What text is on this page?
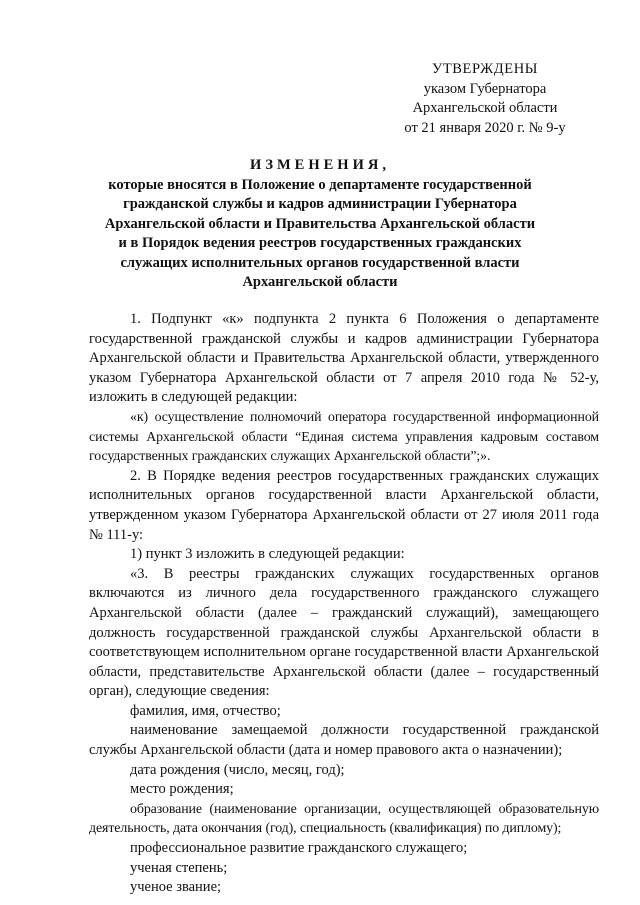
УТВЕРЖДЕНЫ
указом Губернатора
Архангельской области
от 21 января 2020 г. № 9-у
ИЗМЕНЕНИЯ,
которые вносятся в Положение о департаменте государственной
гражданской службы и кадров администрации Губернатора
Архангельской области и Правительства Архангельской области
и в Порядок ведения реестров государственных гражданских
служащих исполнительных органов государственной власти
Архангельской области

1. Подпункт «к» подпункта 2 пункта 6 Положения о департаменте государственной гражданской службы и кадров администрации Губернатора Архангельской области и Правительства Архангельской области, утвержденного указом Губернатора Архангельской области от 7 апреля 2010 года № 52-у, изложить в следующей редакции:

«к) осуществление полномочий оператора государственной информационной системы Архангельской области “Единая система управления кадровым составом государственных гражданских служащих Архангельской области”;».

2. В Порядке ведения реестров государственных гражданских служащих исполнительных органов государственной власти Архангельской области, утвержденном указом Губернатора Архангельской области от 27 июля 2011 года № 111-у:

1) пункт 3 изложить в следующей редакции:

«3. В реестры гражданских служащих государственных органов включаются из личного дела государственного гражданского служащего Архангельской области (далее – гражданский служащий), замещающего должность государственной гражданской службы Архангельской области в соответствующем исполнительном органе государственной власти Архангельской области, представительстве Архангельской области (далее – государственный орган), следующие сведения:

фамилия, имя, отчество;

наименование замещаемой должности государственной гражданской службы Архангельской области (дата и номер правового акта о назначении);

дата рождения (число, месяц, год);

место рождения;

образование (наименование организации, осуществляющей образовательную деятельность, дата окончания (год), специальность (квалификация) по диплому);

профессиональное развитие гражданского служащего;

ученая степень;

ученое звание;
